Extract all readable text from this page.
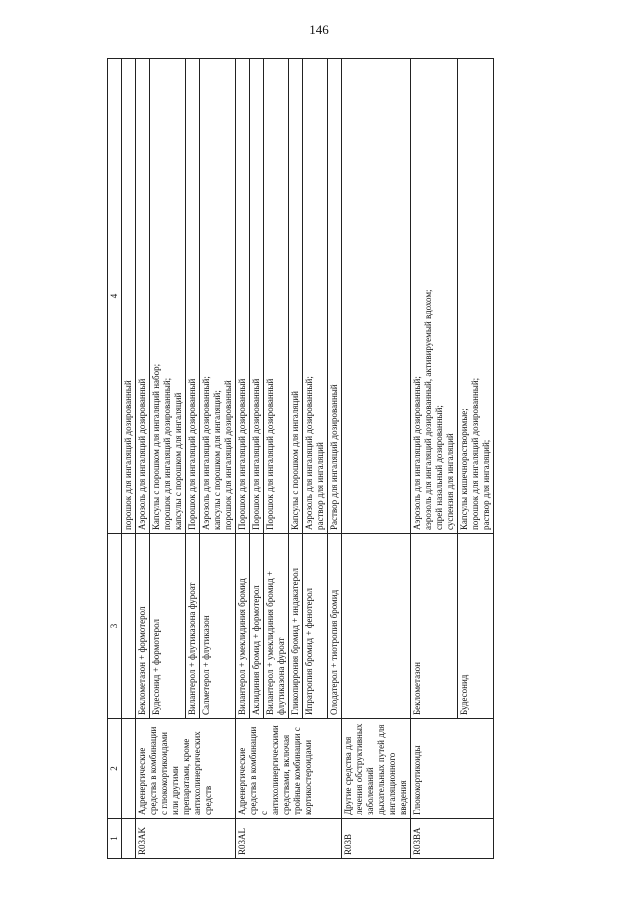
146
1	2	3	4

			порошок для ингаляций дозированный

R03AK	Адренергические средства в комбинации с глюкокортикоидами или другими препаратами, кроме антихолинергических средств	Беклометазон + формотерол	Аэрозоль для ингаляций дозированный

		Будесонид + формотерол	Капсулы с порошком для ингаляций набор; порошок для ингаляций дозированный; капсулы с порошком для ингаляций

		Вилантерол + флутиказона фуроат	Порошок для ингаляций дозированный

		Салметерол + флутиказон	Аэрозоль для ингаляций дозированный; капсулы с порошком для ингаляций; порошок для ингаляций дозированный

R03AL	Адренергические средства в комбинации с антихолинергическими средствами, включая тройные комбинации с кортикостероидами	Вилантерол + умеклидиния бромид	Порошок для ингаляций дозированный

		Аклидиния бромид + формотерол	Порошок для ингаляций дозированный

		Вилантерол + умеклидиния бромид + флутиказона фуроат	Порошок для ингаляций дозированный

		Гликопиррония бромид + индакатерол	Капсулы с порошком для ингаляций

		Ипратропия бромид + фенотерол	Аэрозоль для ингаляций дозированный; раствор для ингаляций

		Олодатерол + тиотропия бромид	Раствор для ингаляций дозированный

R03B	Другие средства для лечения обструктивных заболеваний дыхательных путей для ингаляционного введения		

R03BA	Глюкокортикоиды	Беклометазон	Аэрозоль для ингаляций дозированный; аэрозоль для ингаляций дозированный, активируемый вдохом; спрей назальный дозированный; суспензия для ингаляций

		Будесонид	Капсулы кишечнорастворимые; порошок для ингаляций дозированный; раствор для ингаляций;
